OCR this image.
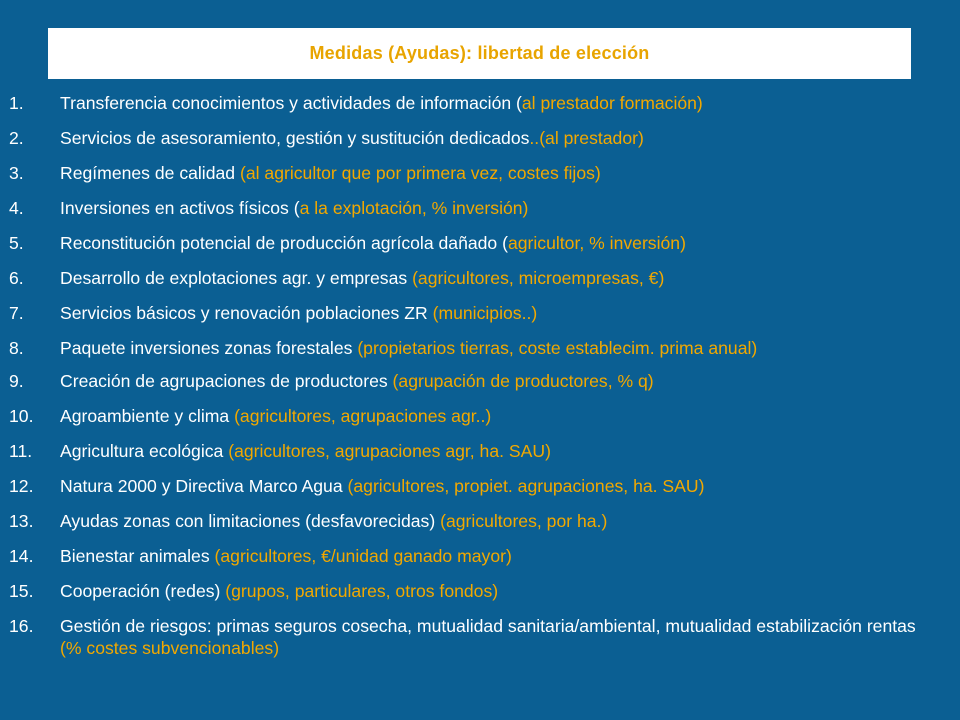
Medidas (Ayudas): libertad de elección
1. Transferencia conocimientos y actividades de información (al prestador formación)
2. Servicios de asesoramiento, gestión y sustitución dedicados..(al prestador)
3. Regímenes de calidad (al agricultor que por primera vez, costes fijos)
4. Inversiones en activos físicos (a la explotación, % inversión)
5. Reconstitución potencial de producción agrícola dañado (agricultor, % inversión)
6. Desarrollo de explotaciones agr. y empresas (agricultores, microempresas, €)
7. Servicios básicos y renovación poblaciones ZR (municipios..)
8. Paquete inversiones zonas forestales (propietarios tierras, coste establecim. prima anual)
9. Creación de agrupaciones de productores (agrupación de productores, % q)
10. Agroambiente y clima (agricultores, agrupaciones agr..)
11. Agricultura ecológica (agricultores, agrupaciones agr, ha. SAU)
12. Natura 2000 y Directiva Marco Agua (agricultores, propiet. agrupaciones, ha. SAU)
13. Ayudas zonas con limitaciones (desfavorecidas) (agricultores, por ha.)
14. Bienestar animales (agricultores, €/unidad ganado mayor)
15. Cooperación (redes) (grupos, particulares, otros fondos)
16. Gestión de riesgos: primas seguros cosecha, mutualidad sanitaria/ambiental, mutualidad estabilización rentas (% costes subvencionables)
